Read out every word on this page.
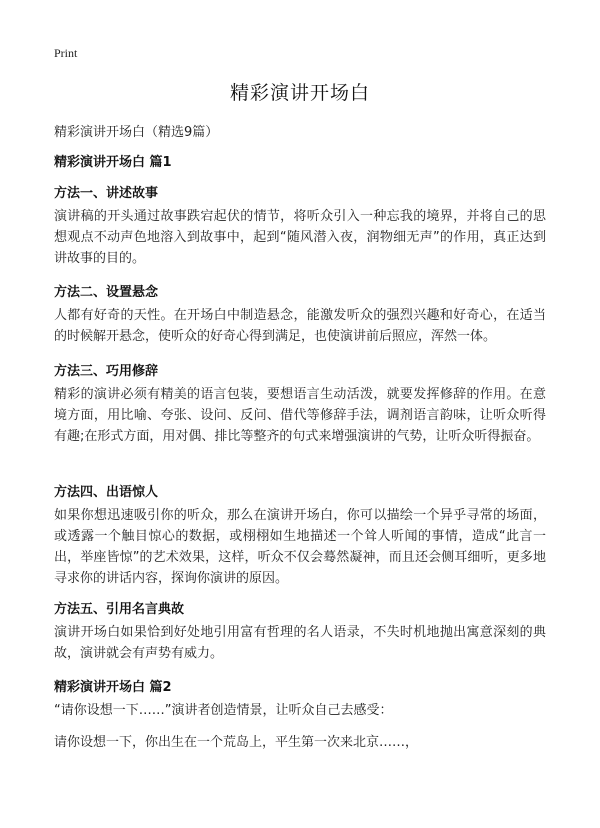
Print
精彩演讲开场白
精彩演讲开场白（精选9篇）
精彩演讲开场白 篇1
方法一、讲述故事
演讲稿的开头通过故事跌宕起伏的情节，将听众引入一种忘我的境界，并将自己的思想观点不动声色地溶入到故事中，起到“随风潜入夜，润物细无声”的作用，真正达到讲故事的目的。
方法二、设置悬念
人都有好奇的天性。在开场白中制造悬念，能激发听众的强烈兴趣和好奇心，在适当的时候解开悬念，使听众的好奇心得到满足，也使演讲前后照应，浑然一体。
方法三、巧用修辞
精彩的演讲必须有精美的语言包装，要想语言生动活泼，就要发挥修辞的作用。在意境方面，用比喻、夸张、设问、反问、借代等修辞手法，调剂语言韵味，让听众听得有趣;在形式方面，用对偶、排比等整齐的句式来增强演讲的气势，让听众听得振奋。
方法四、出语惊人
如果你想迅速吸引你的听众，那么在演讲开场白，你可以描绘一个异乎寻常的场面，或透露一个触目惊心的数据，或栩栩如生地描述一个耸人听闻的事情，造成“此言一出，举座皆惊”的艺术效果，这样，听众不仅会蓦然凝神，而且还会侧耳细听，更多地寻求你的讲话内容，探询你演讲的原因。
方法五、引用名言典故
演讲开场白如果恰到好处地引用富有哲理的名人语录，不失时机地抛出寓意深刻的典故，演讲就会有声势有威力。
精彩演讲开场白 篇2
“请你设想一下……”演讲者创造情景，让听众自己去感受：
请你设想一下，你出生在一个荒岛上，平生第一次来北京……，
